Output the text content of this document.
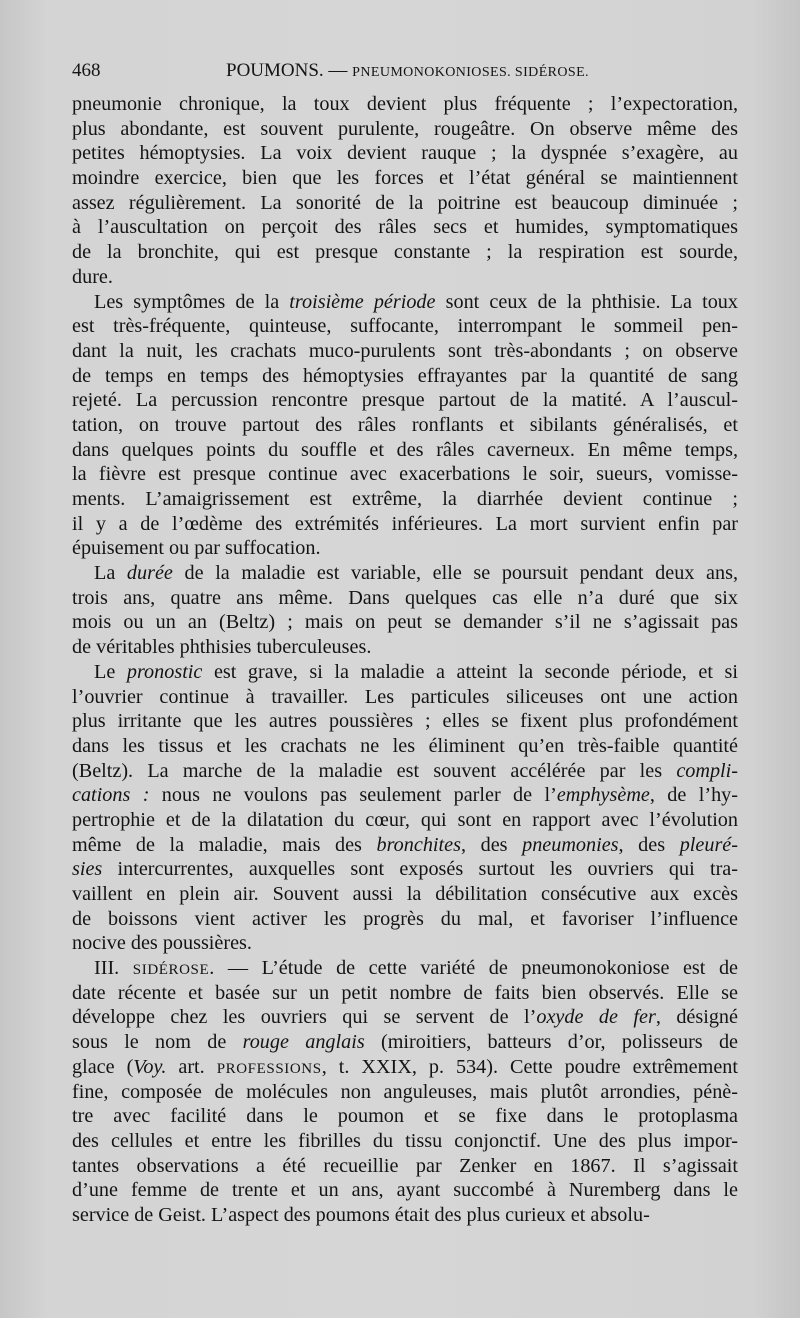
468	POUMONS. — PNEUMONOKONIOSES. SIDÉROSE.
pneumonie chronique, la toux devient plus fréquente ; l’expectoration,
plus abondante, est souvent purulente, rougeâtre. On observe même des
petites hémoptysies. La voix devient rauque ; la dyspnée s’exagère, au
moindre exercice, bien que les forces et l’état général se maintiennent
assez régulièrement. La sonorité de la poitrine est beaucoup diminuée ;
à l’auscultation on perçoit des râles secs et humides, symptomatiques
de la bronchite, qui est presque constante ; la respiration est sourde,
dure.
Les symptômes de la troisième période sont ceux de la phthisie. La toux
est très-fréquente, quinteuse, suffocante, interrompant le sommeil pen-
dant la nuit, les crachats muco-purulents sont très-abondants ; on observe
de temps en temps des hémoptysies effrayantes par la quantité de sang
rejeté. La percussion rencontre presque partout de la matité. A l’auscul-
tation, on trouve partout des râles ronflants et sibilants généralisés, et
dans quelques points du souffle et des râles caverneux. En même temps,
la fièvre est presque continue avec exacerbations le soir, sueurs, vomisse-
ments. L’amaigrissement est extrême, la diarrhée devient continue ;
il y a de l’œdème des extrémités inférieures. La mort survient enfin par
épuisement ou par suffocation.
La durée de la maladie est variable, elle se poursuit pendant deux ans,
trois ans, quatre ans même. Dans quelques cas elle n’a duré que six
mois ou un an (Beltz) ; mais on peut se demander s’il ne s’agissait pas
de véritables phthisies tuberculeuses.
Le pronostic est grave, si la maladie a atteint la seconde période, et si
l’ouvrier continue à travailler. Les particules siliceuses ont une action
plus irritante que les autres poussières ; elles se fixent plus profondément
dans les tissus et les crachats ne les éliminent qu’en très-faible quantité
(Beltz). La marche de la maladie est souvent accélérée par les compli-
cations : nous ne voulons pas seulement parler de l’emphysème, de l’hy-
pertrophie et de la dilatation du cœur, qui sont en rapport avec l’évolution
même de la maladie, mais des bronchites, des pneumonies, des pleuré-
sies intercurrentes, auxquelles sont exposés surtout les ouvriers qui tra-
vaillent en plein air. Souvent aussi la débilitation consécutive aux excès
de boissons vient activer les progrès du mal, et favoriser l’influence
nocive des poussières.
III. SIDÉROSE. — L’étude de cette variété de pneumonokoniose est de
date récente et basée sur un petit nombre de faits bien observés. Elle se
développe chez les ouvriers qui se servent de l’oxyde de fer, désigné
sous le nom de rouge anglais (miroitiers, batteurs d’or, polisseurs de
glace (Voy. art. PROFESSIONS, t. XXIX, p. 534). Cette poudre extrêmement
fine, composée de molécules non anguleuses, mais plutôt arrondies, pénè-
tre avec facilité dans le poumon et se fixe dans le protoplasma
des cellules et entre les fibrilles du tissu conjonctif. Une des plus impor-
tantes observations a été recueillie par Zenker en 1867. Il s’agissait
d’une femme de trente et un ans, ayant succombé à Nuremberg dans le
service de Geist. L’aspect des poumons était des plus curieux et absolu-
